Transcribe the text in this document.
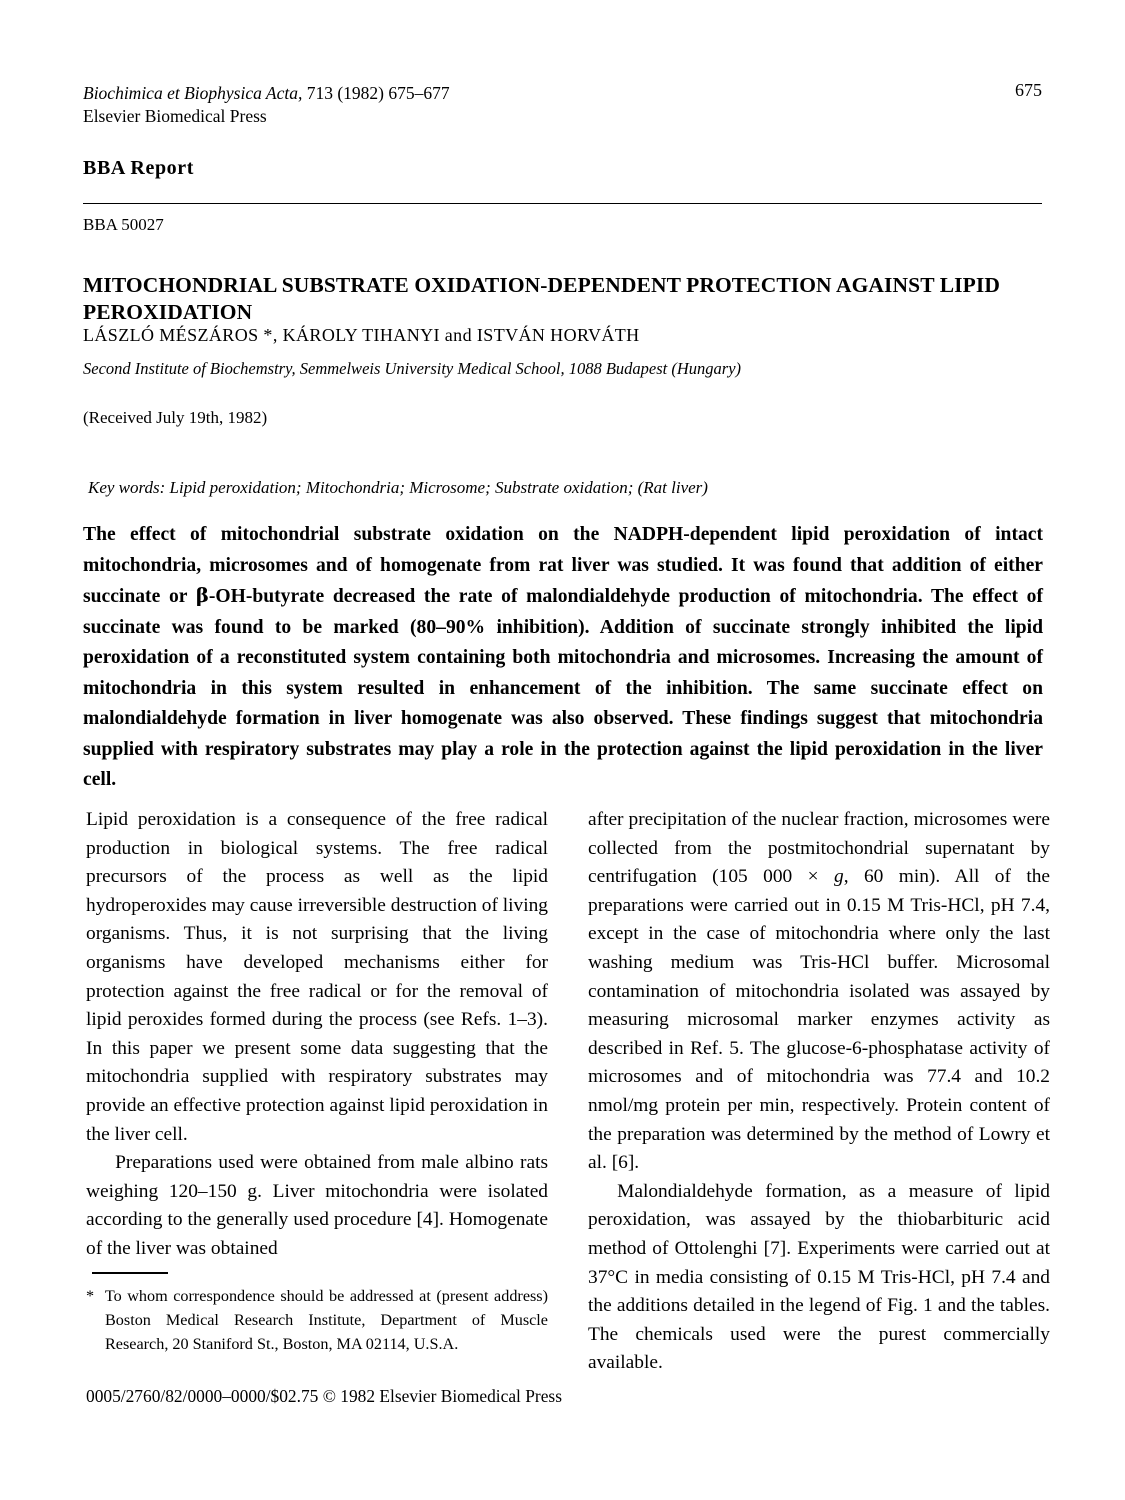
Biochimica et Biophysica Acta, 713 (1982) 675–677
Elsevier Biomedical Press
675
BBA Report
BBA 50027
MITOCHONDRIAL SUBSTRATE OXIDATION-DEPENDENT PROTECTION AGAINST LIPID PEROXIDATION
LÁSZLÓ MÉSZÁROS *, KÁROLY TIHANYI and ISTVÁN HORVÁTH
Second Institute of Biochemstry, Semmelweis University Medical School, 1088 Budapest (Hungary)
(Received July 19th, 1982)
Key words: Lipid peroxidation; Mitochondria; Microsome; Substrate oxidation; (Rat liver)
The effect of mitochondrial substrate oxidation on the NADPH-dependent lipid peroxidation of intact mitochondria, microsomes and of homogenate from rat liver was studied. It was found that addition of either succinate or β-OH-butyrate decreased the rate of malondialdehyde production of mitochondria. The effect of succinate was found to be marked (80–90% inhibition). Addition of succinate strongly inhibited the lipid peroxidation of a reconstituted system containing both mitochondria and microsomes. Increasing the amount of mitochondria in this system resulted in enhancement of the inhibition. The same succinate effect on malondialdehyde formation in liver homogenate was also observed. These findings suggest that mitochondria supplied with respiratory substrates may play a role in the protection against the lipid peroxidation in the liver cell.

Lipid peroxidation is a consequence of the free radical production in biological systems. The free radical precursors of the process as well as the lipid hydroperoxides may cause irreversible destruction of living organisms. Thus, it is not surprising that the living organisms have developed mechanisms either for protection against the free radical or for the removal of lipid peroxides formed during the process (see Refs. 1–3). In this paper we present some data suggesting that the mitochondria supplied with respiratory substrates may provide an effective protection against lipid peroxidation in the liver cell.

Preparations used were obtained from male albino rats weighing 120–150 g. Liver mitochondria were isolated according to the generally used procedure [4]. Homogenate of the liver was obtained

after precipitation of the nuclear fraction, microsomes were collected from the postmitochondrial supernatant by centrifugation (105 000 × g, 60 min). All of the preparations were carried out in 0.15 M Tris-HCl, pH 7.4, except in the case of mitochondria where only the last washing medium was Tris-HCl buffer. Microsomal contamination of mitochondria isolated was assayed by measuring microsomal marker enzymes activity as described in Ref. 5. The glucose-6-phosphatase activity of microsomes and of mitochondria was 77.4 and 10.2 nmol/mg protein per min, respectively. Protein content of the preparation was determined by the method of Lowry et al. [6].

Malondialdehyde formation, as a measure of lipid peroxidation, was assayed by the thiobarbituric acid method of Ottolenghi [7]. Experiments were carried out at 37°C in media consisting of 0.15 M Tris-HCl, pH 7.4 and the additions detailed in the legend of Fig. 1 and the tables. The chemicals used were the purest commercially available.

* To whom correspondence should be addressed at (present address) Boston Medical Research Institute, Department of Muscle Research, 20 Staniford St., Boston, MA 02114, U.S.A.
0005/2760/82/0000–0000/$02.75 © 1982 Elsevier Biomedical Press
